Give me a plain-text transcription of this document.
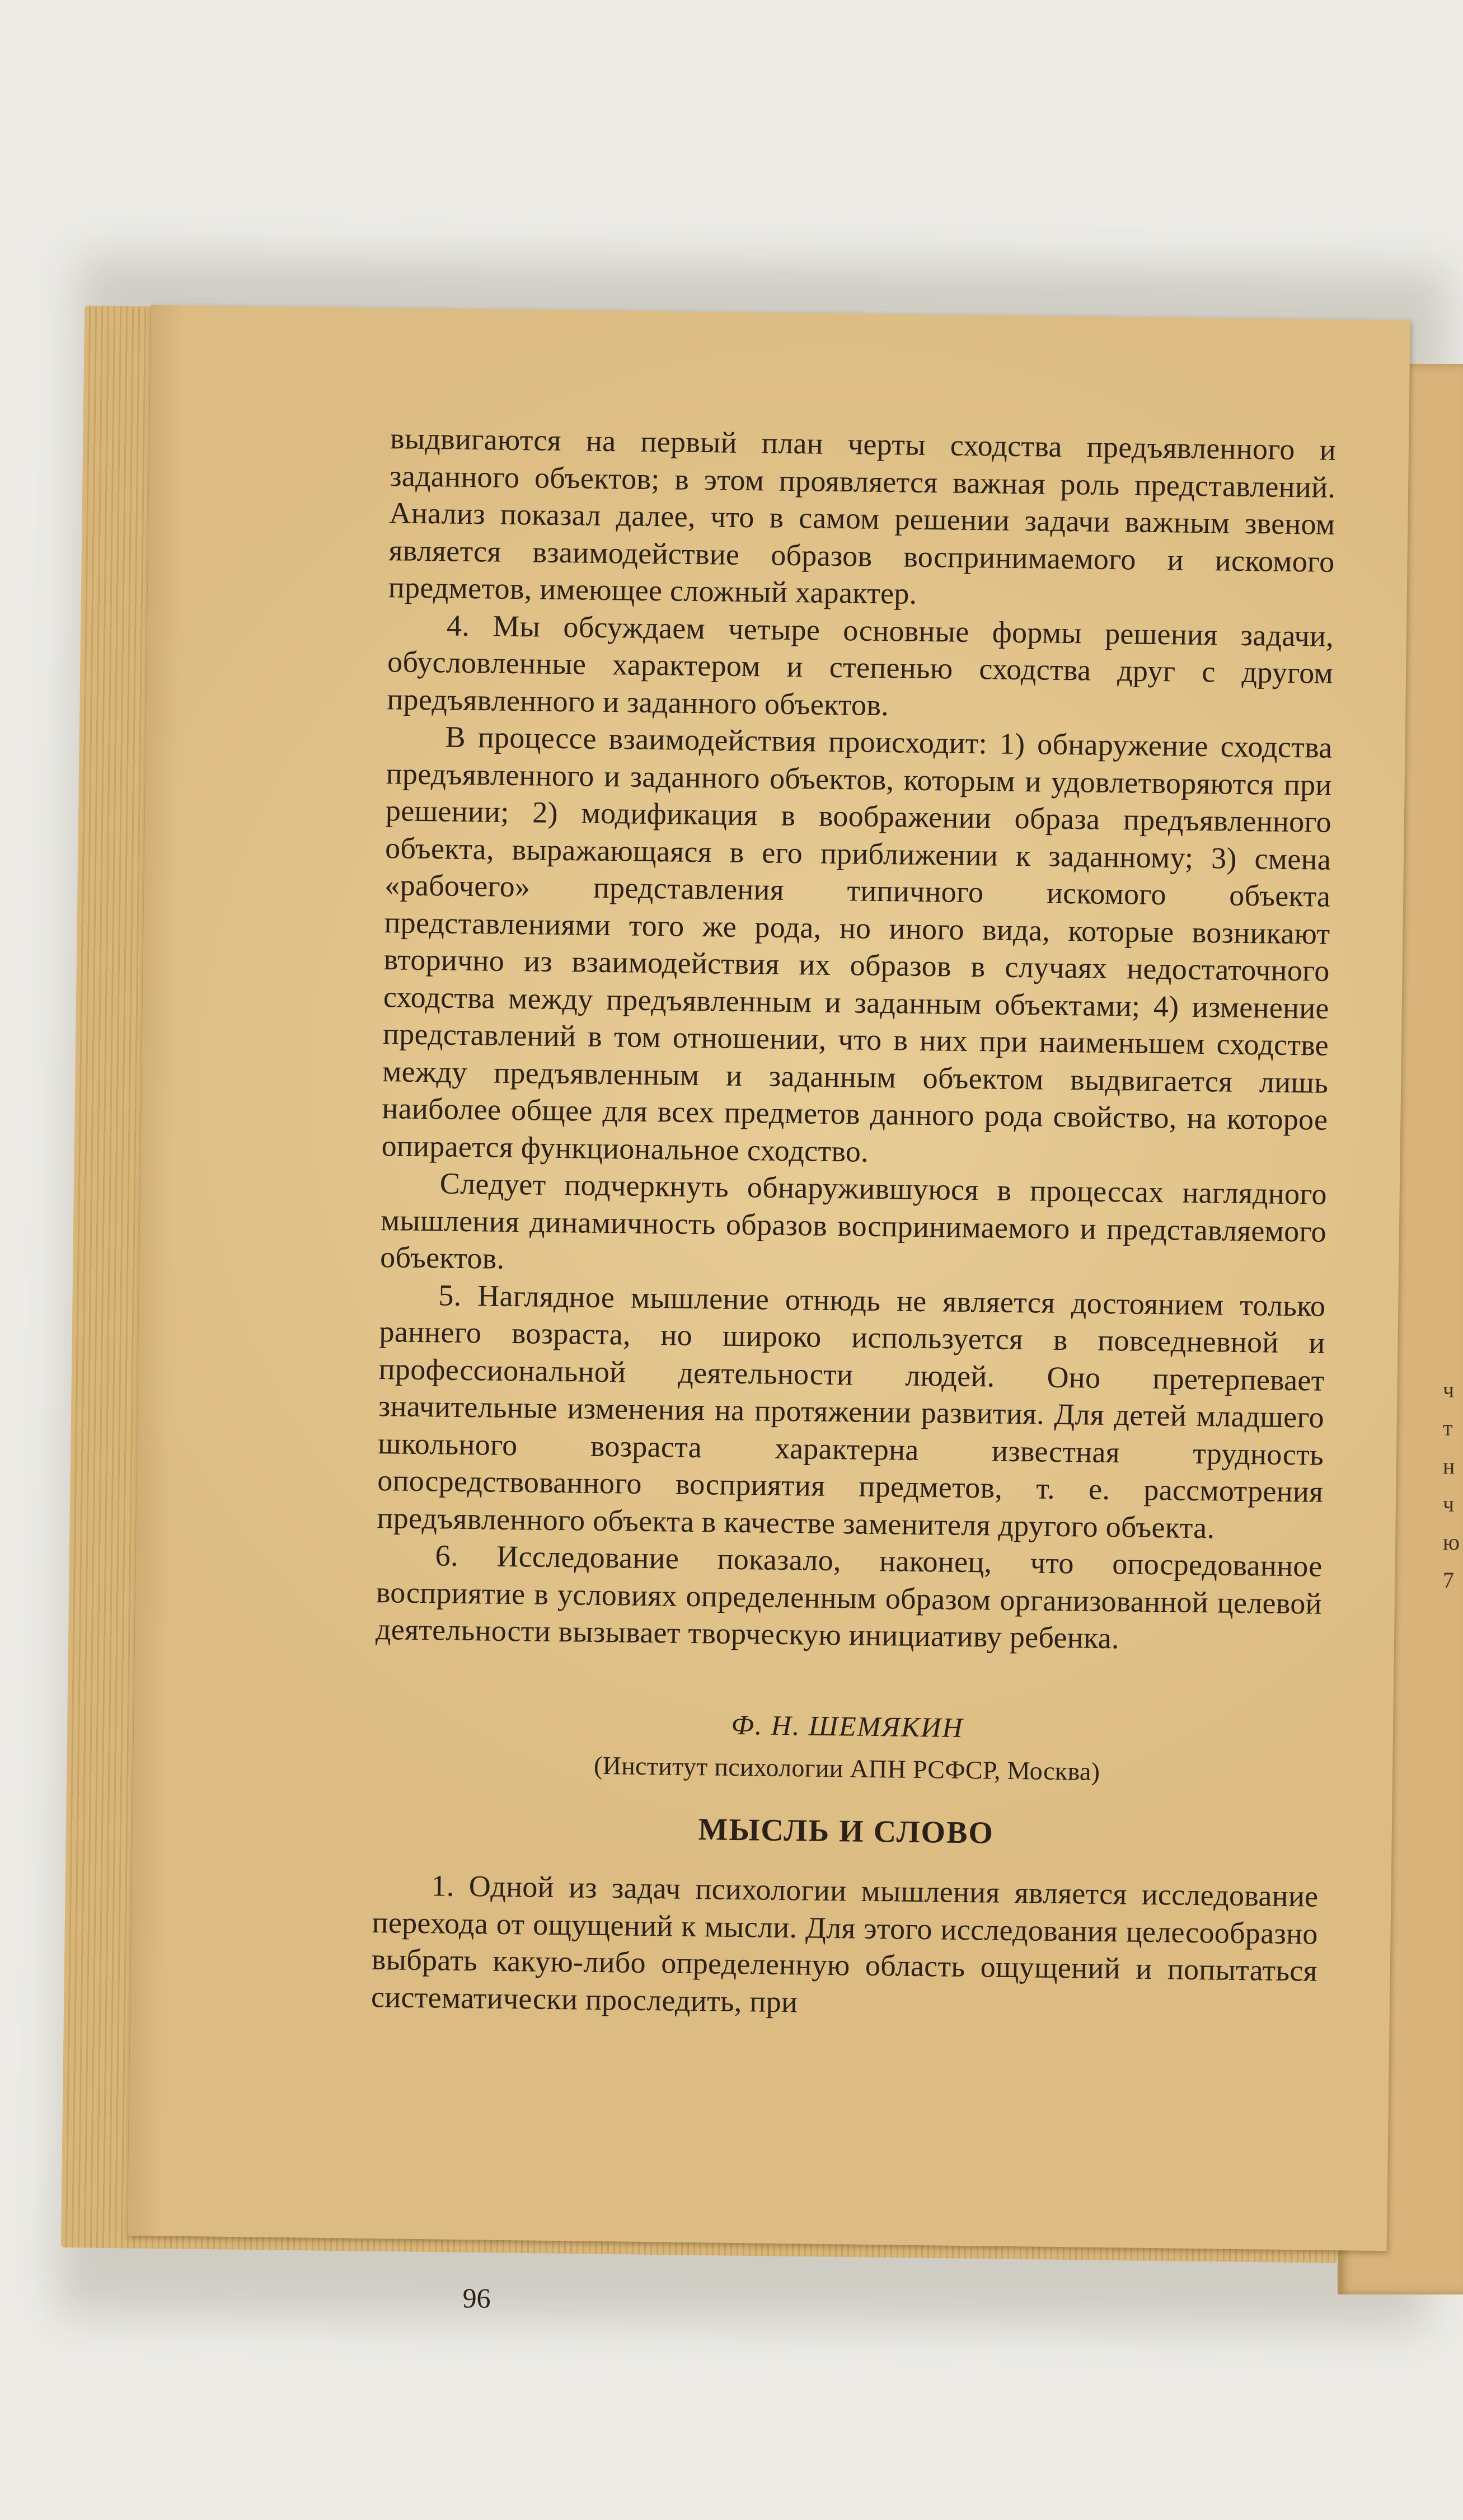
ч
т
н
ч
ю
7

выдвигаются на первый план черты сходства предъявленного и заданного объектов; в этом проявляется важная роль представлений. Анализ показал далее, что в самом решении задачи важным звеном является взаимодействие образов воспринимаемого и искомого предметов, имеющее сложный характер.

4. Мы обсуждаем четыре основные формы решения задачи, обусловленные характером и степенью сходства друг с другом предъявленного и заданного объектов.

В процессе взаимодействия происходит: 1) обнаружение сходства предъявленного и заданного объектов, которым и удовлетворяются при решении; 2) модификация в воображении образа предъявленного объекта, выражающаяся в его приближении к заданному; 3) смена «рабочего» представления типичного искомого объекта представлениями того же рода, но иного вида, которые возникают вторично из взаимодействия их образов в случаях недостаточного сходства между предъявленным и заданным объектами; 4) изменение представлений в том отношении, что в них при наименьшем сходстве между предъявленным и заданным объектом выдвигается лишь наиболее общее для всех предметов данного рода свойство, на которое опирается функциональное сходство.

Следует подчеркнуть обнаружившуюся в процессах наглядного мышления динамичность образов воспринимаемого и представляемого объектов.

5. Наглядное мышление отнюдь не является достоянием только раннего возраста, но широко используется в повседневной и профессиональной деятельности людей. Оно претерпевает значительные изменения на протяжении развития. Для детей младшего школьного возраста характерна известная трудность опосредствованного восприятия предметов, т. е. рассмотрения предъявленного объекта в качестве заменителя другого объекта.

6. Исследование показало, наконец, что опосредованное восприятие в условиях определенным образом организованной целевой деятельности вызывает творческую инициативу ребенка.

Ф. Н. ШЕМЯКИН
(Институт психологии АПН РСФСР, Москва)
МЫСЛЬ И СЛОВО

1. Одной из задач психологии мышления является исследование перехода от ощущений к мысли. Для этого исследования целесообразно выбрать какую-либо определенную область ощущений и попытаться систематически проследить, при

96
